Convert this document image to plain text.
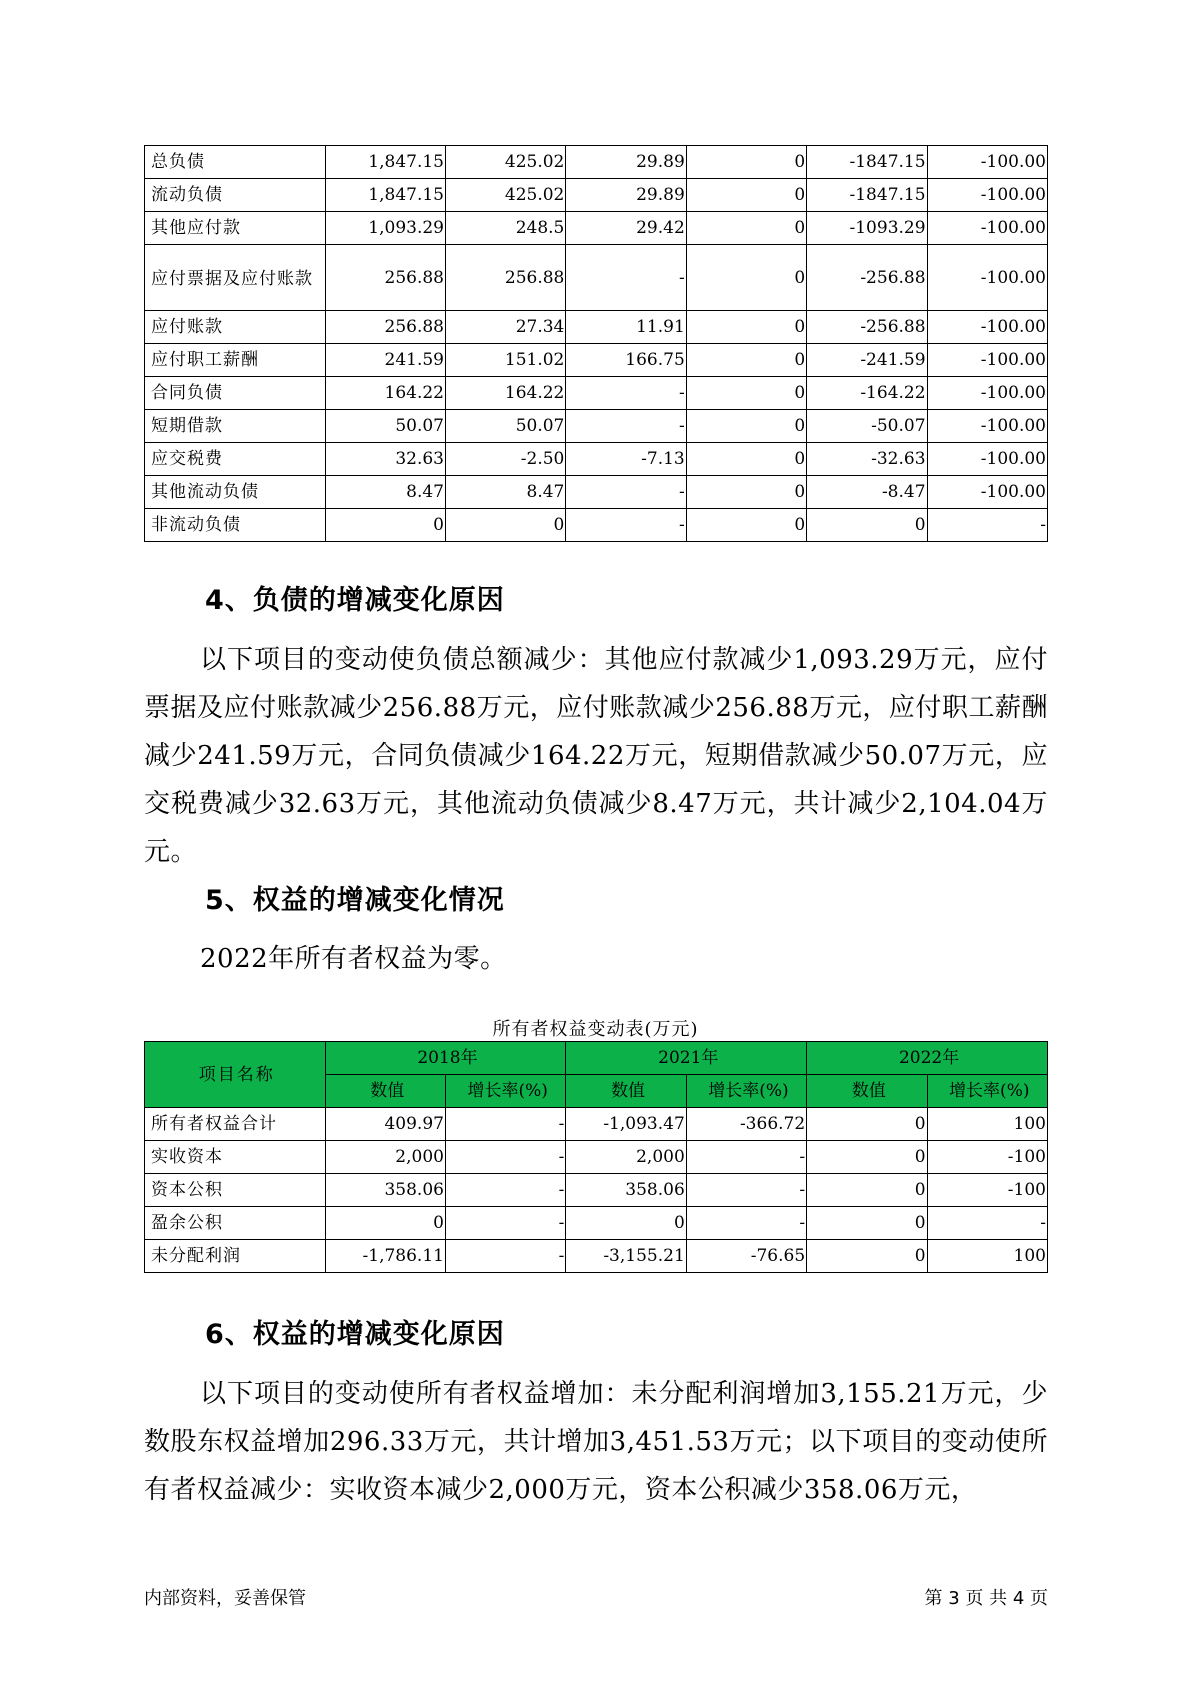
总负债	1,847.15	425.02	29.89	0	-1847.15	-100.00
流动负债	1,847.15	425.02	29.89	0	-1847.15	-100.00
其他应付款	1,093.29	248.5	29.42	0	-1093.29	-100.00
应付票据及应付账款	256.88	256.88	-	0	-256.88	-100.00
应付账款	256.88	27.34	11.91	0	-256.88	-100.00
应付职工薪酬	241.59	151.02	166.75	0	-241.59	-100.00
合同负债	164.22	164.22	-	0	-164.22	-100.00
短期借款	50.07	50.07	-	0	-50.07	-100.00
应交税费	32.63	-2.50	-7.13	0	-32.63	-100.00
其他流动负债	8.47	8.47	-	0	-8.47	-100.00
非流动负债	0	0	-	0	0	-
4、负债的增减变化原因

以下项目的变动使负债总额减少：其他应付款减少1,093.29万元，应付票据及应付账款减少256.88万元，应付账款减少256.88万元，应付职工薪酬减少241.59万元，合同负债减少164.22万元，短期借款减少50.07万元，应交税费减少32.63万元，其他流动负债减少8.47万元，共计减少2,104.04万元。

5、权益的增减变化情况

2022年所有者权益为零。

所有者权益变动表(万元)
项目名称	2018年		2021年		2022年	
	数值	增长率(%)	数值	增长率(%)	数值	增长率(%)
所有者权益合计	409.97	-	-1,093.47	-366.72	0	100
实收资本	2,000	-	2,000	-	0	-100
资本公积	358.06	-	358.06	-	0	-100
盈余公积	0	-	0	-	0	-
未分配利润	-1,786.11	-	-3,155.21	-76.65	0	100
6、权益的增减变化原因

以下项目的变动使所有者权益增加：未分配利润增加3,155.21万元，少数股东权益增加296.33万元，共计增加3,451.53万元；以下项目的变动使所有者权益减少：实收资本减少2,000万元，资本公积减少358.06万元，

内部资料，妥善保管	第 3 页 共 4 页
